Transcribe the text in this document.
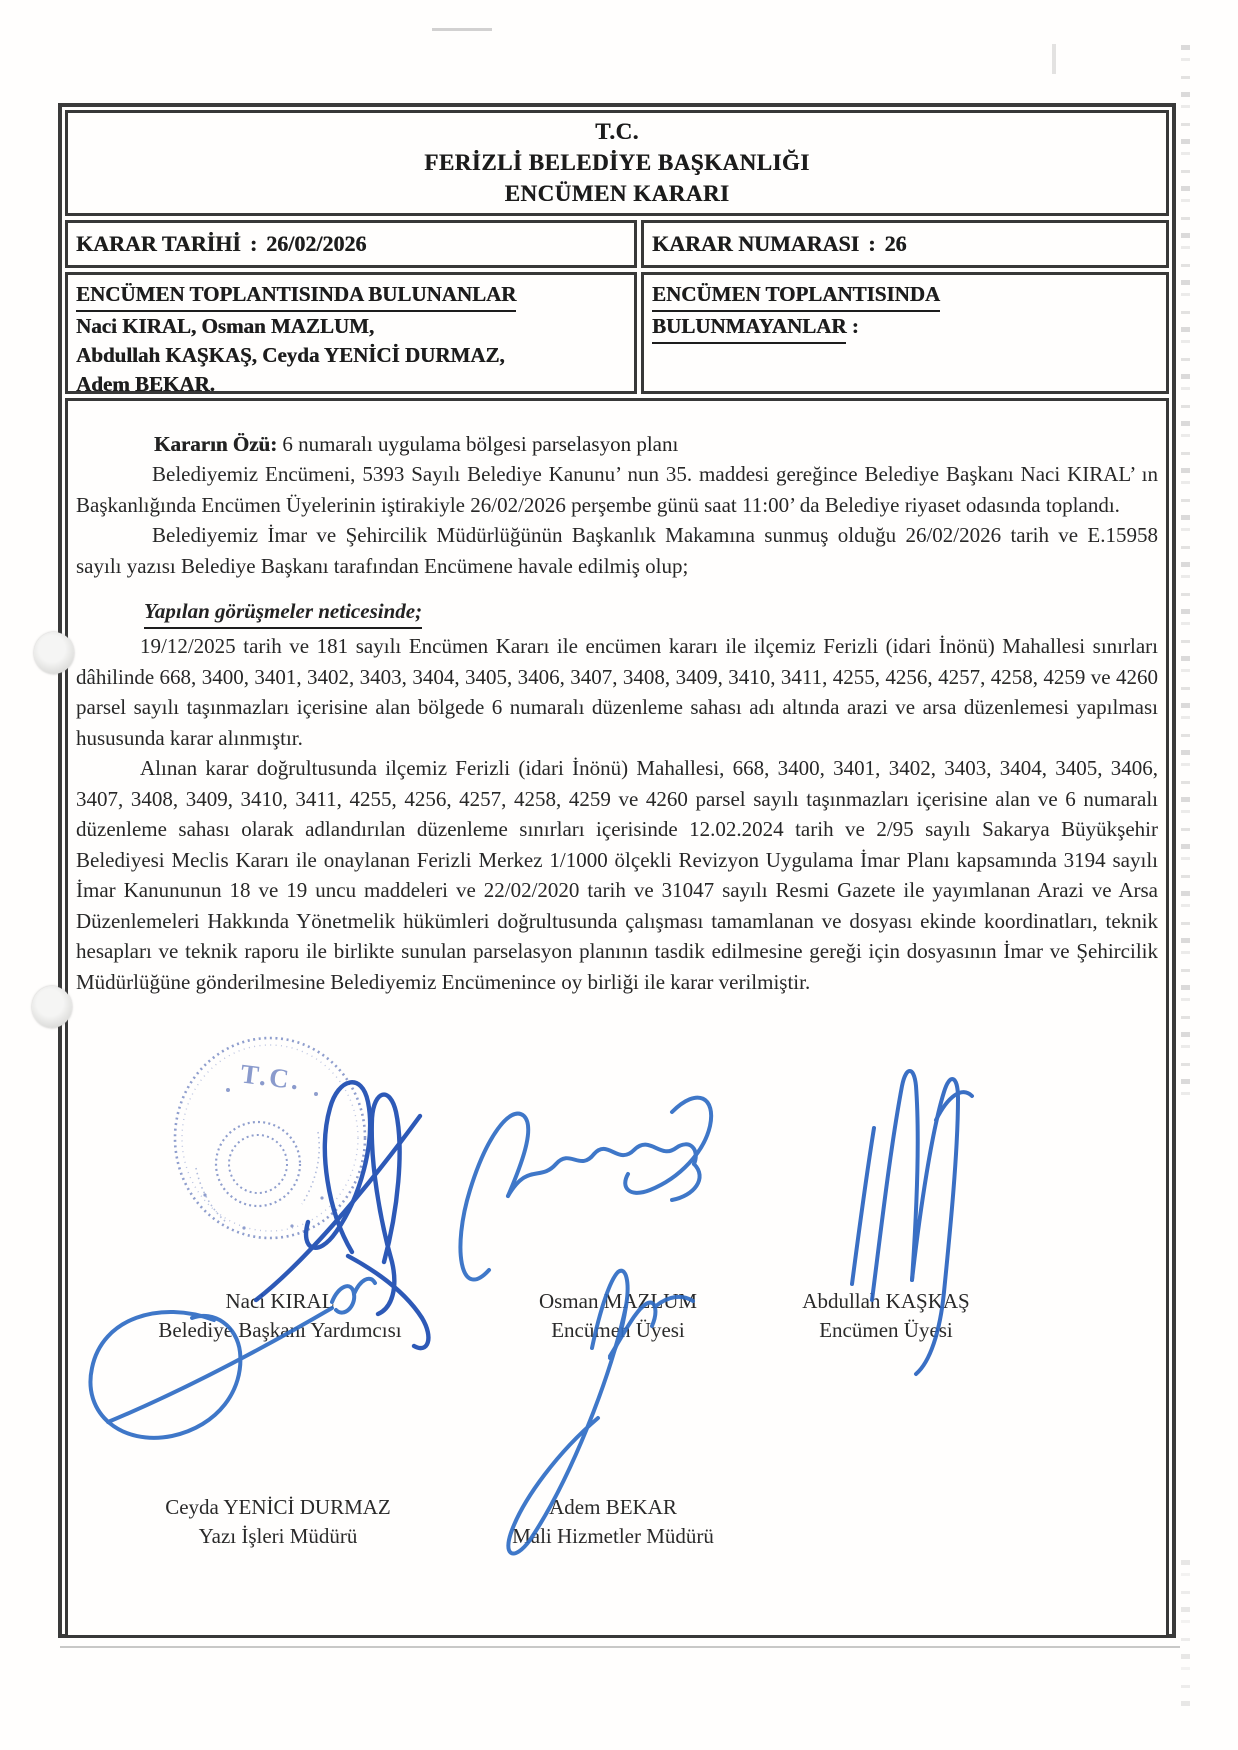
T.C.
FERİZLİ BELEDİYE BAŞKANLIĞI
ENCÜMEN KARARI
KARAR TARİHİ : 26/02/2026	KARAR NUMARASI : 26
ENCÜMEN TOPLANTISINDA BULUNANLAR
Naci KIRAL, Osman MAZLUM,
Abdullah KAŞKAŞ, Ceyda YENİCİ DURMAZ,
Adem BEKAR.
ENCÜMEN TOPLANTISINDA
BULUNMAYANLAR :
Kararın Özü: 6 numaralı uygulama bölgesi parselasyon planı

Belediyemiz Encümeni, 5393 Sayılı Belediye Kanunu’ nun 35. maddesi gereğince Belediye Başkanı Naci KIRAL’ ın Başkanlığında Encümen Üyelerinin iştirakiyle 26/02/2026 perşembe günü saat 11:00’ da Belediye riyaset odasında toplandı.

Belediyemiz İmar ve Şehircilik Müdürlüğünün Başkanlık Makamına sunmuş olduğu 26/02/2026 tarih ve E.15958 sayılı yazısı Belediye Başkanı tarafından Encümene havale edilmiş olup;

Yapılan görüşmeler neticesinde;

19/12/2025 tarih ve 181 sayılı Encümen Kararı ile encümen kararı ile ilçemiz Ferizli (idari İnönü) Mahallesi sınırları dâhilinde 668, 3400, 3401, 3402, 3403, 3404, 3405, 3406, 3407, 3408, 3409, 3410, 3411, 4255, 4256, 4257, 4258, 4259 ve 4260 parsel sayılı taşınmazları içerisine alan bölgede 6 numaralı düzenleme sahası adı altında arazi ve arsa düzenlemesi yapılması hususunda karar alınmıştır.

Alınan karar doğrultusunda ilçemiz Ferizli (idari İnönü) Mahallesi, 668, 3400, 3401, 3402, 3403, 3404, 3405, 3406, 3407, 3408, 3409, 3410, 3411, 4255, 4256, 4257, 4258, 4259 ve 4260 parsel sayılı taşınmazları içerisine alan ve 6 numaralı düzenleme sahası olarak adlandırılan düzenleme sınırları içerisinde 12.02.2024 tarih ve 2/95 sayılı Sakarya Büyükşehir Belediyesi Meclis Kararı ile onaylanan Ferizli Merkez 1/1000 ölçekli Revizyon Uygulama İmar Planı kapsamında 3194 sayılı İmar Kanununun 18 ve 19 uncu maddeleri ve 22/02/2020 tarih ve 31047 sayılı Resmi Gazete ile yayımlanan Arazi ve Arsa Düzenlemeleri Hakkında Yönetmelik hükümleri doğrultusunda çalışması tamamlanan ve dosyası ekinde koordinatları, teknik hesapları ve teknik raporu ile birlikte sunulan parselasyon planının tasdik edilmesine gereği için dosyasının İmar ve Şehircilik Müdürlüğüne gönderilmesine Belediyemiz Encümenince oy birliği ile karar verilmiştir.

Naci KIRAL
Belediye Başkanı Yardımcısı
Osman MAZLUM
Encümen Üyesi
Abdullah KAŞKAŞ
Encümen Üyesi
Ceyda YENİCİ DURMAZ
Yazı İşleri Müdürü
Adem BEKAR
Mali Hizmetler Müdürü
T.C.
